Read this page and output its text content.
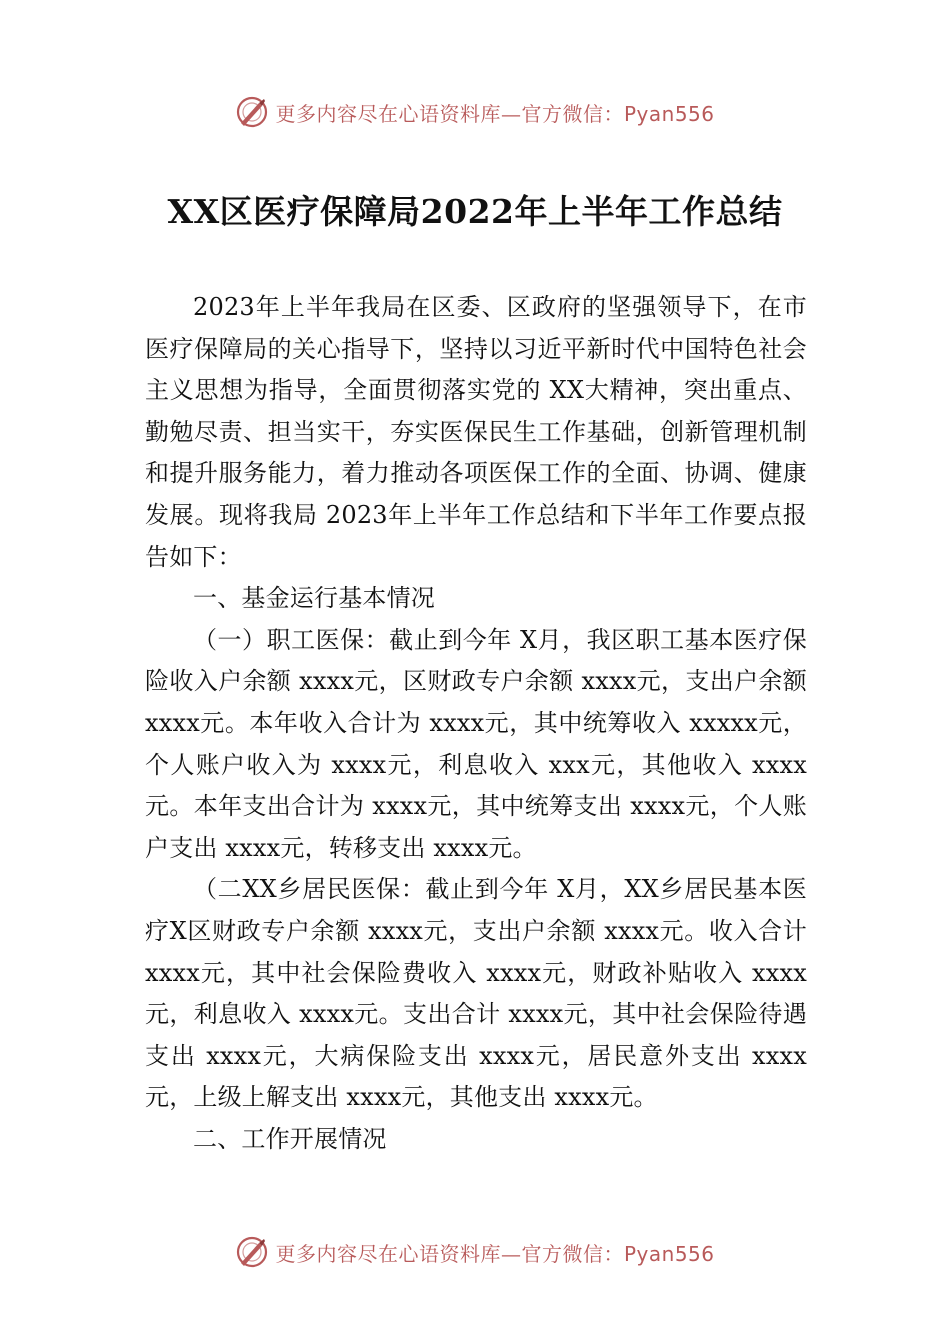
更多内容尽在心语资料库—官方微信：Pyan556
XX区医疗保障局2022年上半年工作总结

2023年上半年我局在区委、区政府的坚强领导下，在市医疗保障局的关心指导下，坚持以习近平新时代中国特色社会主义思想为指导，全面贯彻落实党的 XX大精神，突出重点、勤勉尽责、担当实干，夯实医保民生工作基础，创新管理机制和提升服务能力，着力推动各项医保工作的全面、协调、健康发展。现将我局 2023年上半年工作总结和下半年工作要点报告如下：

一、基金运行基本情况

（一）职工医保：截止到今年 X月，我区职工基本医疗保险收入户余额 xxxx元，区财政专户余额 xxxx元，支出户余额 xxxx元。本年收入合计为 xxxx元，其中统筹收入 xxxxx元，个人账户收入为 xxxx元，利息收入 xxx元，其他收入 xxxx元。本年支出合计为 xxxx元，其中统筹支出 xxxx元，个人账户支出 xxxx元，转移支出 xxxx元。

（二XX乡居民医保：截止到今年 X月，XX乡居民基本医疗X区财政专户余额 xxxx元，支出户余额 xxxx元。收入合计 xxxx元，其中社会保险费收入 xxxx元，财政补贴收入 xxxx元，利息收入 xxxx元。支出合计 xxxx元，其中社会保险待遇支出 xxxx元，大病保险支出 xxxx元，居民意外支出 xxxx元，上级上解支出 xxxx元，其他支出 xxxx元。

二、工作开展情况

更多内容尽在心语资料库—官方微信：Pyan556
